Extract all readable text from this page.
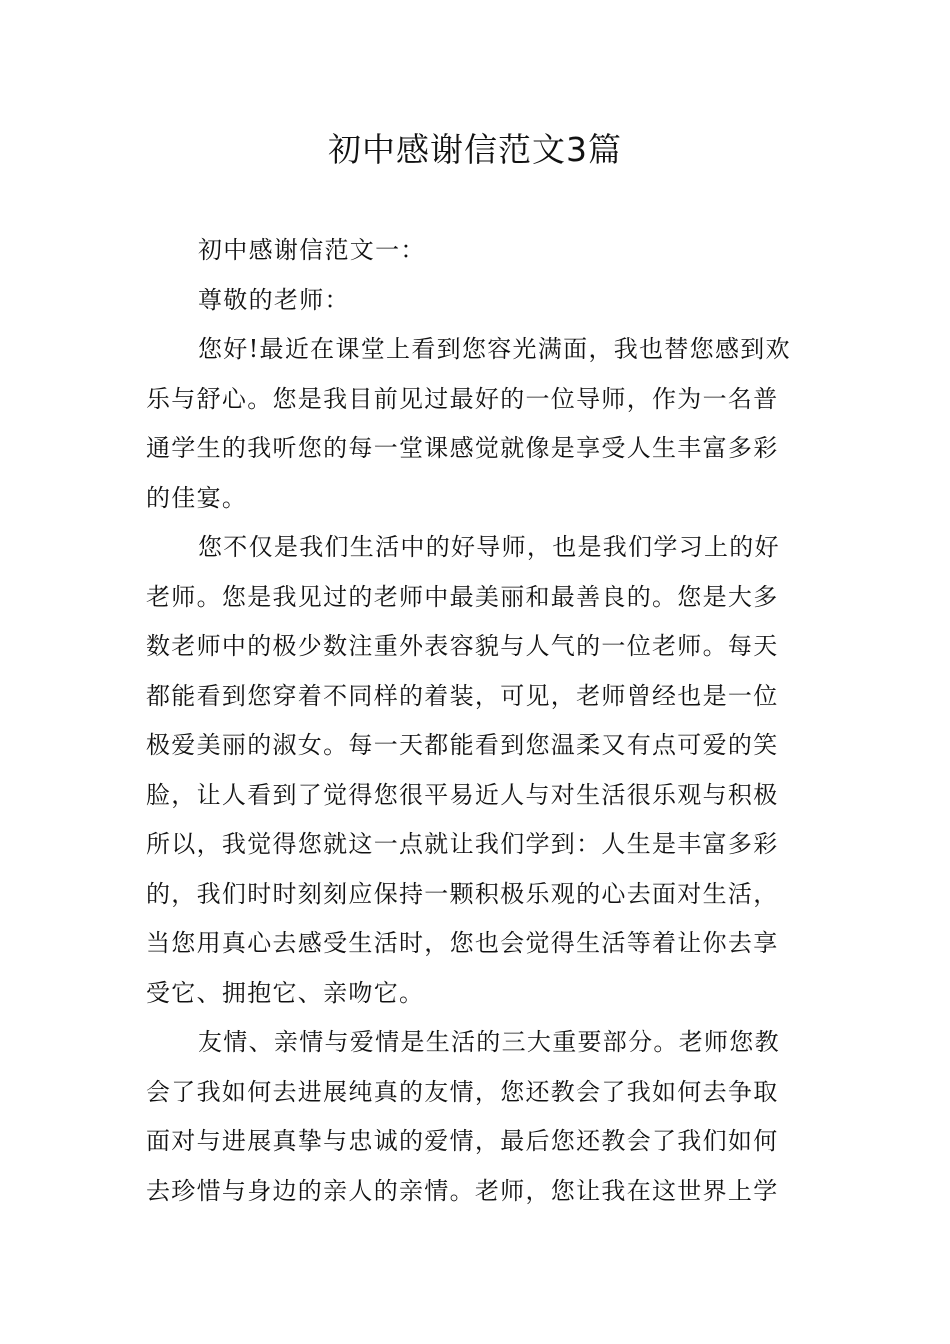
初中感谢信范文3篇
初中感谢信范文一：
尊敬的老师：
您好!最近在课堂上看到您容光满面，我也替您感到欢
乐与舒心。您是我目前见过最好的一位导师，作为一名普
通学生的我听您的每一堂课感觉就像是享受人生丰富多彩
的佳宴。
您不仅是我们生活中的好导师，也是我们学习上的好
老师。您是我见过的老师中最美丽和最善良的。您是大多
数老师中的极少数注重外表容貌与人气的一位老师。每天
都能看到您穿着不同样的着装，可见，老师曾经也是一位
极爱美丽的淑女。每一天都能看到您温柔又有点可爱的笑
脸，让人看到了觉得您很平易近人与对生活很乐观与积极
所以，我觉得您就这一点就让我们学到：人生是丰富多彩
的，我们时时刻刻应保持一颗积极乐观的心去面对生活，
当您用真心去感受生活时，您也会觉得生活等着让你去享
受它、拥抱它、亲吻它。
友情、亲情与爱情是生活的三大重要部分。老师您教
会了我如何去进展纯真的友情，您还教会了我如何去争取
面对与进展真挚与忠诚的爱情，最后您还教会了我们如何
去珍惜与身边的亲人的亲情。老师，您让我在这世界上学
